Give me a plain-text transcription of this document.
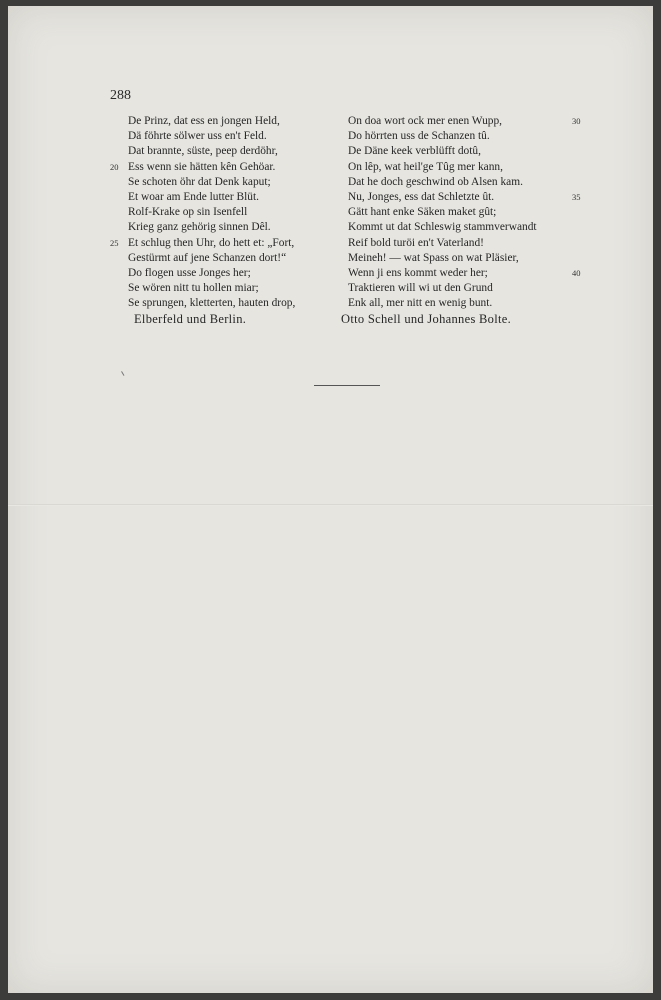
288
20
25
30
35
40
De Prinz, dat ess en jongen Held,
Dä föhrte sölwer uss en't Feld.
Dat brannte, süste, peep derdöhr,
Ess wenn sie hätten kên Gehöar.
Se schoten öhr dat Denk kaput;
Et woar am Ende lutter Blüt.
Rolf-Krake op sin Isenfell
Krieg ganz gehörig sinnen Dêl.
Et schlug then Uhr, do hett et: „Fort,
Gestürmt auf jene Schanzen dort!“
Do flogen usse Jonges her;
Se wören nitt tu hollen miar;
Se sprungen, kletterten, hauten drop,
On doa wort ock mer enen Wupp,
Do hörrten uss de Schanzen tû.
De Däne keek verblüfft dotû,
On lêp, wat heil'ge Tûg mer kann,
Dat he doch geschwind ob Alsen kam.
Nu, Jonges, ess dat Schletzte ût.
Gätt hant enke Säken maket gût;
Kommt ut dat Schleswig stammverwandt
Reif bold turöi en't Vaterland!
Meineh! — wat Spass on wat Pläsier,
Wenn ji ens kommt weder her;
Traktieren will wi ut den Grund
Enk all, mer nitt en wenig bunt.
Elberfeld und Berlin.	Otto Schell und Johannes Bolte.
